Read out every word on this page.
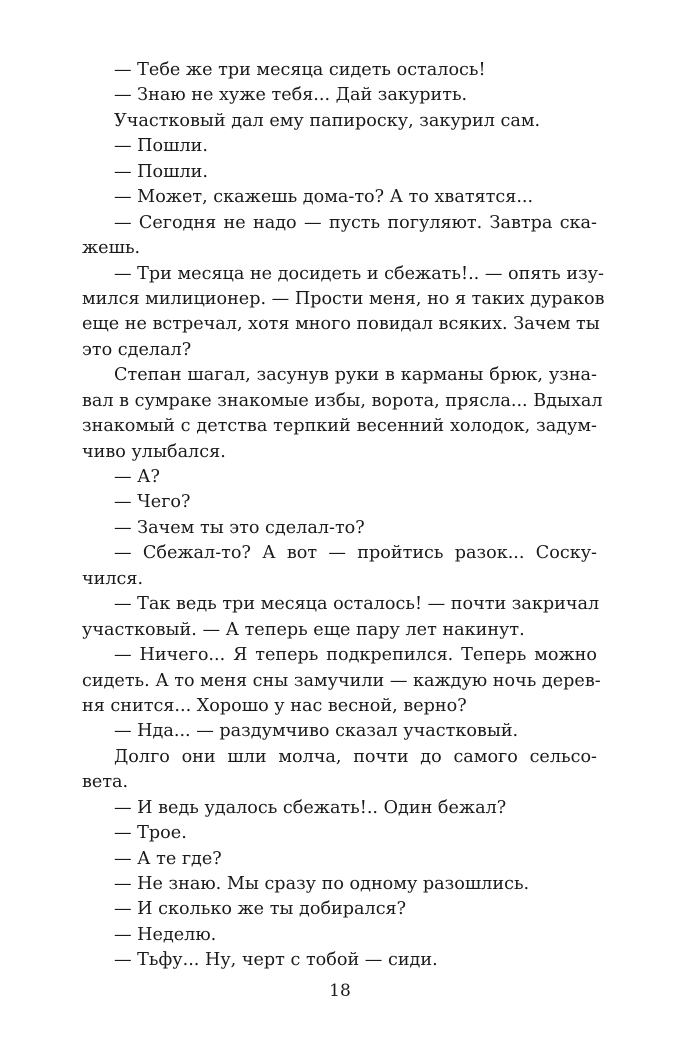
— Тебе же три месяца сидеть осталось!
— Знаю не хуже тебя... Дай закурить.
Участковый дал ему папироску, закурил сам.
— Пошли.
— Пошли.
— Может, скажешь дома-то? А то хватятся...
— Сегодня не надо — пусть погуляют. Завтра ска-
жешь.
— Три месяца не досидеть и сбежать!.. — опять изу-
мился милиционер. — Прости меня, но я таких дураков
еще не встречал, хотя много повидал всяких. Зачем ты
это сделал?
Степан шагал, засунув руки в карманы брюк, узна-
вал в сумраке знакомые избы, ворота, прясла... Вдыхал
знакомый с детства терпкий весенний холодок, задум-
чиво улыбался.
— А?
— Чего?
— Зачем ты это сделал-то?
— Сбежал-то? А вот — пройтись разок... Соску-
чился.
— Так ведь три месяца осталось! — почти закричал
участковый. — А теперь еще пару лет накинут.
— Ничего... Я теперь подкрепился. Теперь можно
сидеть. А то меня сны замучили — каждую ночь дерев-
ня снится... Хорошо у нас весной, верно?
— Нда... — раздумчиво сказал участковый.
Долго они шли молча, почти до самого сельсо-
вета.
— И ведь удалось сбежать!.. Один бежал?
— Трое.
— А те где?
— Не знаю. Мы сразу по одному разошлись.
— И сколько же ты добирался?
— Неделю.
— Тьфу... Ну, черт с тобой — сиди.
18
